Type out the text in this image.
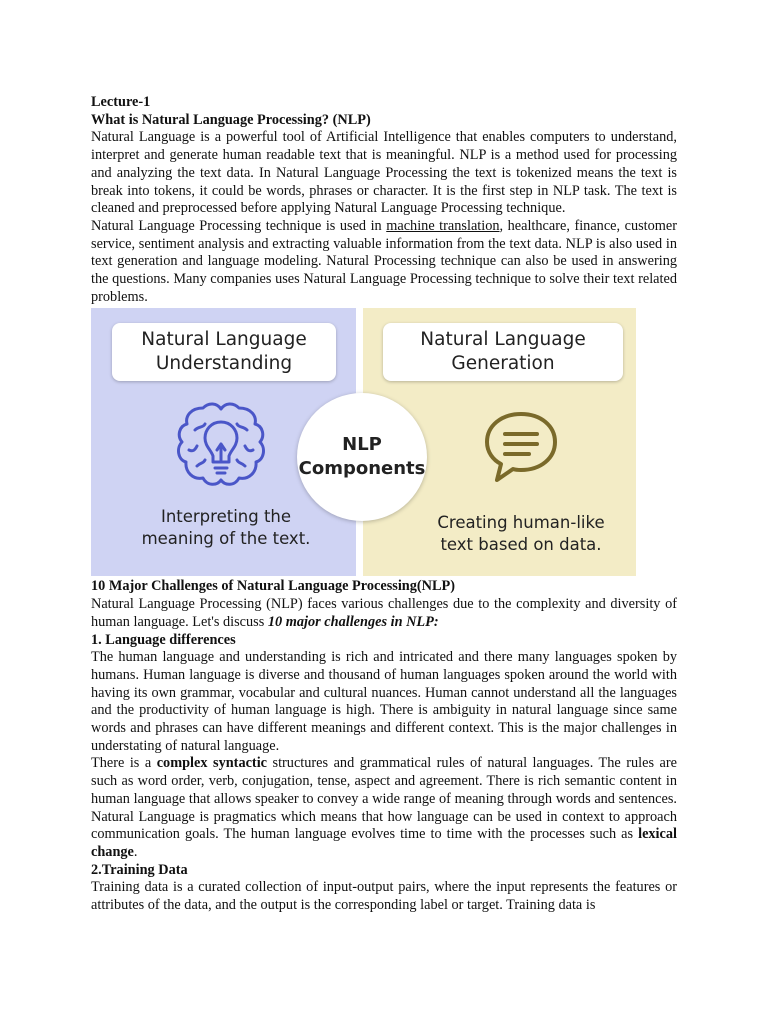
Lecture-1

What is Natural Language Processing? (NLP)

Natural Language is a powerful tool of Artificial Intelligence that enables computers to understand, interpret and generate human readable text that is meaningful. NLP is a method used for processing and analyzing the text data. In Natural Language Processing the text is tokenized means the text is break into tokens, it could be words, phrases or character. It is the first step in NLP task. The text is cleaned and preprocessed before applying Natural Language Processing technique.

Natural Language Processing technique is used in machine translation, healthcare, finance, customer service, sentiment analysis and extracting valuable information from the text data. NLP is also used in text generation and language modeling. Natural Processing technique can also be used in answering the questions. Many companies uses Natural Language Processing technique to solve their text related problems.

Natural Language
Understanding
Natural Language
Generation
NLP
Components
Interpreting the
meaning of the text.
Creating human-like
text based on data.

10 Major Challenges of Natural Language Processing(NLP)

Natural Language Processing (NLP) faces various challenges due to the complexity and diversity of human language. Let's discuss 10 major challenges in NLP:

1. Language differences

The human language and understanding is rich and intricated and there many languages spoken by humans. Human language is diverse and thousand of human languages spoken around the world with having its own grammar, vocabular and cultural nuances. Human cannot understand all the languages and the productivity of human language is high. There is ambiguity in natural language since same words and phrases can have different meanings and different context. This is the major challenges in understating of natural language.

There is a complex syntactic structures and grammatical rules of natural languages. The rules are such as word order, verb, conjugation, tense, aspect and agreement. There is rich semantic content in human language that allows speaker to convey a wide range of meaning through words and sentences. Natural Language is pragmatics which means that how language can be used in context to approach communication goals. The human language evolves time to time with the processes such as lexical change.

2.Training Data

Training data is a curated collection of input-output pairs, where the input represents the features or attributes of the data, and the output is the corresponding label or target. Training data is
